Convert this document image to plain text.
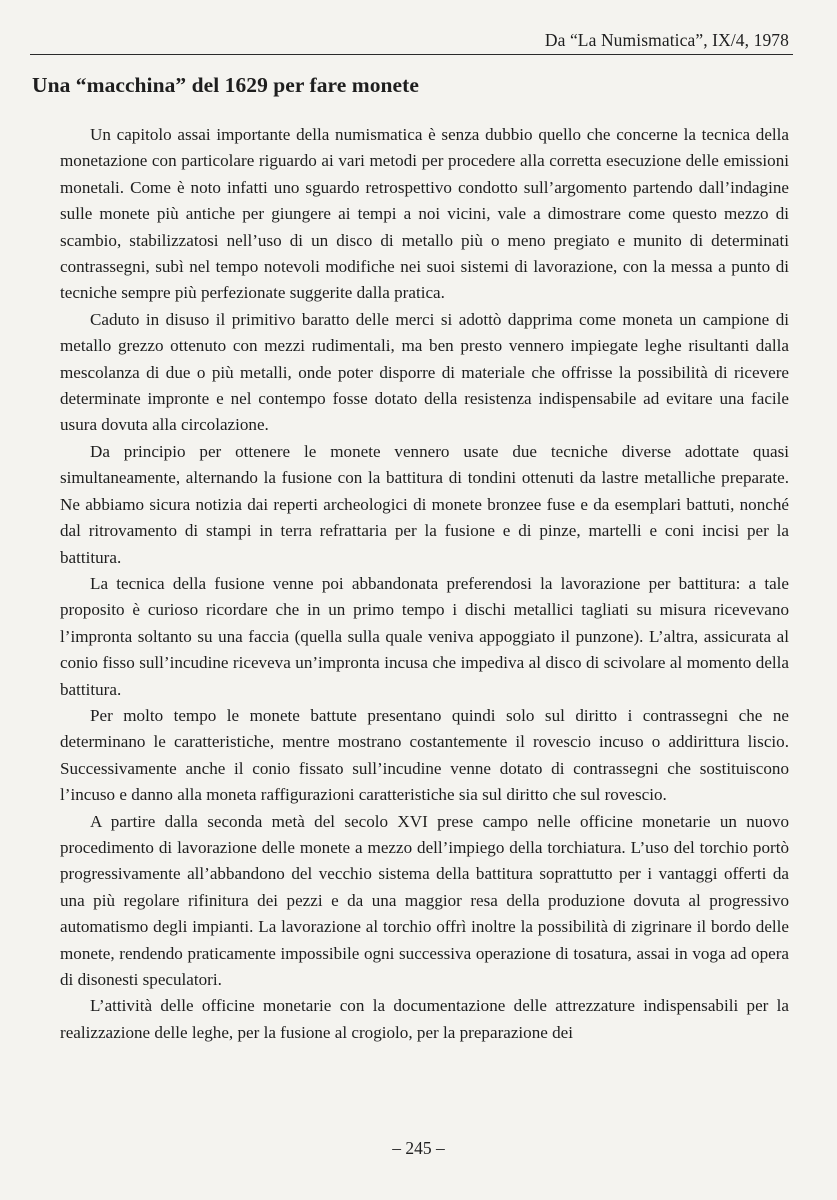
Da “La Numismatica”, IX/4, 1978
Una “macchina” del 1629 per fare monete

Un capitolo assai importante della numismatica è senza dubbio quello che concerne la tecnica della monetazione con particolare riguardo ai vari metodi per procedere alla corretta esecuzione delle emissioni monetali. Come è noto infatti uno sguardo retrospettivo condotto sull’argomento partendo dall’indagine sulle monete più antiche per giungere ai tempi a noi vicini, vale a dimostrare come questo mezzo di scambio, stabilizzatosi nell’uso di un disco di metallo più o meno pregiato e munito di determinati contrassegni, subì nel tempo notevoli modifiche nei suoi sistemi di lavorazione, con la messa a punto di tecniche sempre più perfezionate suggerite dalla pratica.

Caduto in disuso il primitivo baratto delle merci si adottò dapprima come moneta un campione di metallo grezzo ottenuto con mezzi rudimentali, ma ben presto vennero impiegate leghe risultanti dalla mescolanza di due o più metalli, onde poter disporre di materiale che offrisse la possibilità di ricevere determinate impronte e nel contempo fosse dotato della resistenza indispensabile ad evitare una facile usura dovuta alla circolazione.

Da principio per ottenere le monete vennero usate due tecniche diverse adottate quasi simultaneamente, alternando la fusione con la battitura di tondini ottenuti da lastre metalliche preparate. Ne abbiamo sicura notizia dai reperti archeologici di monete bronzee fuse e da esemplari battuti, nonché dal ritrovamento di stampi in terra refrattaria per la fusione e di pinze, martelli e coni incisi per la battitura.

La tecnica della fusione venne poi abbandonata preferendosi la lavorazione per battitura: a tale proposito è curioso ricordare che in un primo tempo i dischi metallici tagliati su misura ricevevano l’impronta soltanto su una faccia (quella sulla quale veniva appoggiato il punzone). L’altra, assicurata al conio fisso sull’incudine riceveva un’impronta incusa che impediva al disco di scivolare al momento della battitura.

Per molto tempo le monete battute presentano quindi solo sul diritto i contrassegni che ne determinano le caratteristiche, mentre mostrano costantemente il rovescio incuso o addirittura liscio. Successivamente anche il conio fissato sull’incudine venne dotato di contrassegni che sostituiscono l’incuso e danno alla moneta raffigurazioni caratteristiche sia sul diritto che sul rovescio.

A partire dalla seconda metà del secolo XVI prese campo nelle officine monetarie un nuovo procedimento di lavorazione delle monete a mezzo dell’impiego della torchiatura. L’uso del torchio portò progressivamente all’abbandono del vecchio sistema della battitura soprattutto per i vantaggi offerti da una più regolare rifinitura dei pezzi e da una maggior resa della produzione dovuta al progressivo automatismo degli impianti. La lavorazione al torchio offrì inoltre la possibilità di zigrinare il bordo delle monete, rendendo praticamente impossibile ogni successiva operazione di tosatura, assai in voga ad opera di disonesti speculatori.

L’attività delle officine monetarie con la documentazione delle attrezzature indispensabili per la realizzazione delle leghe, per la fusione al crogiolo, per la preparazione dei

– 245 –
